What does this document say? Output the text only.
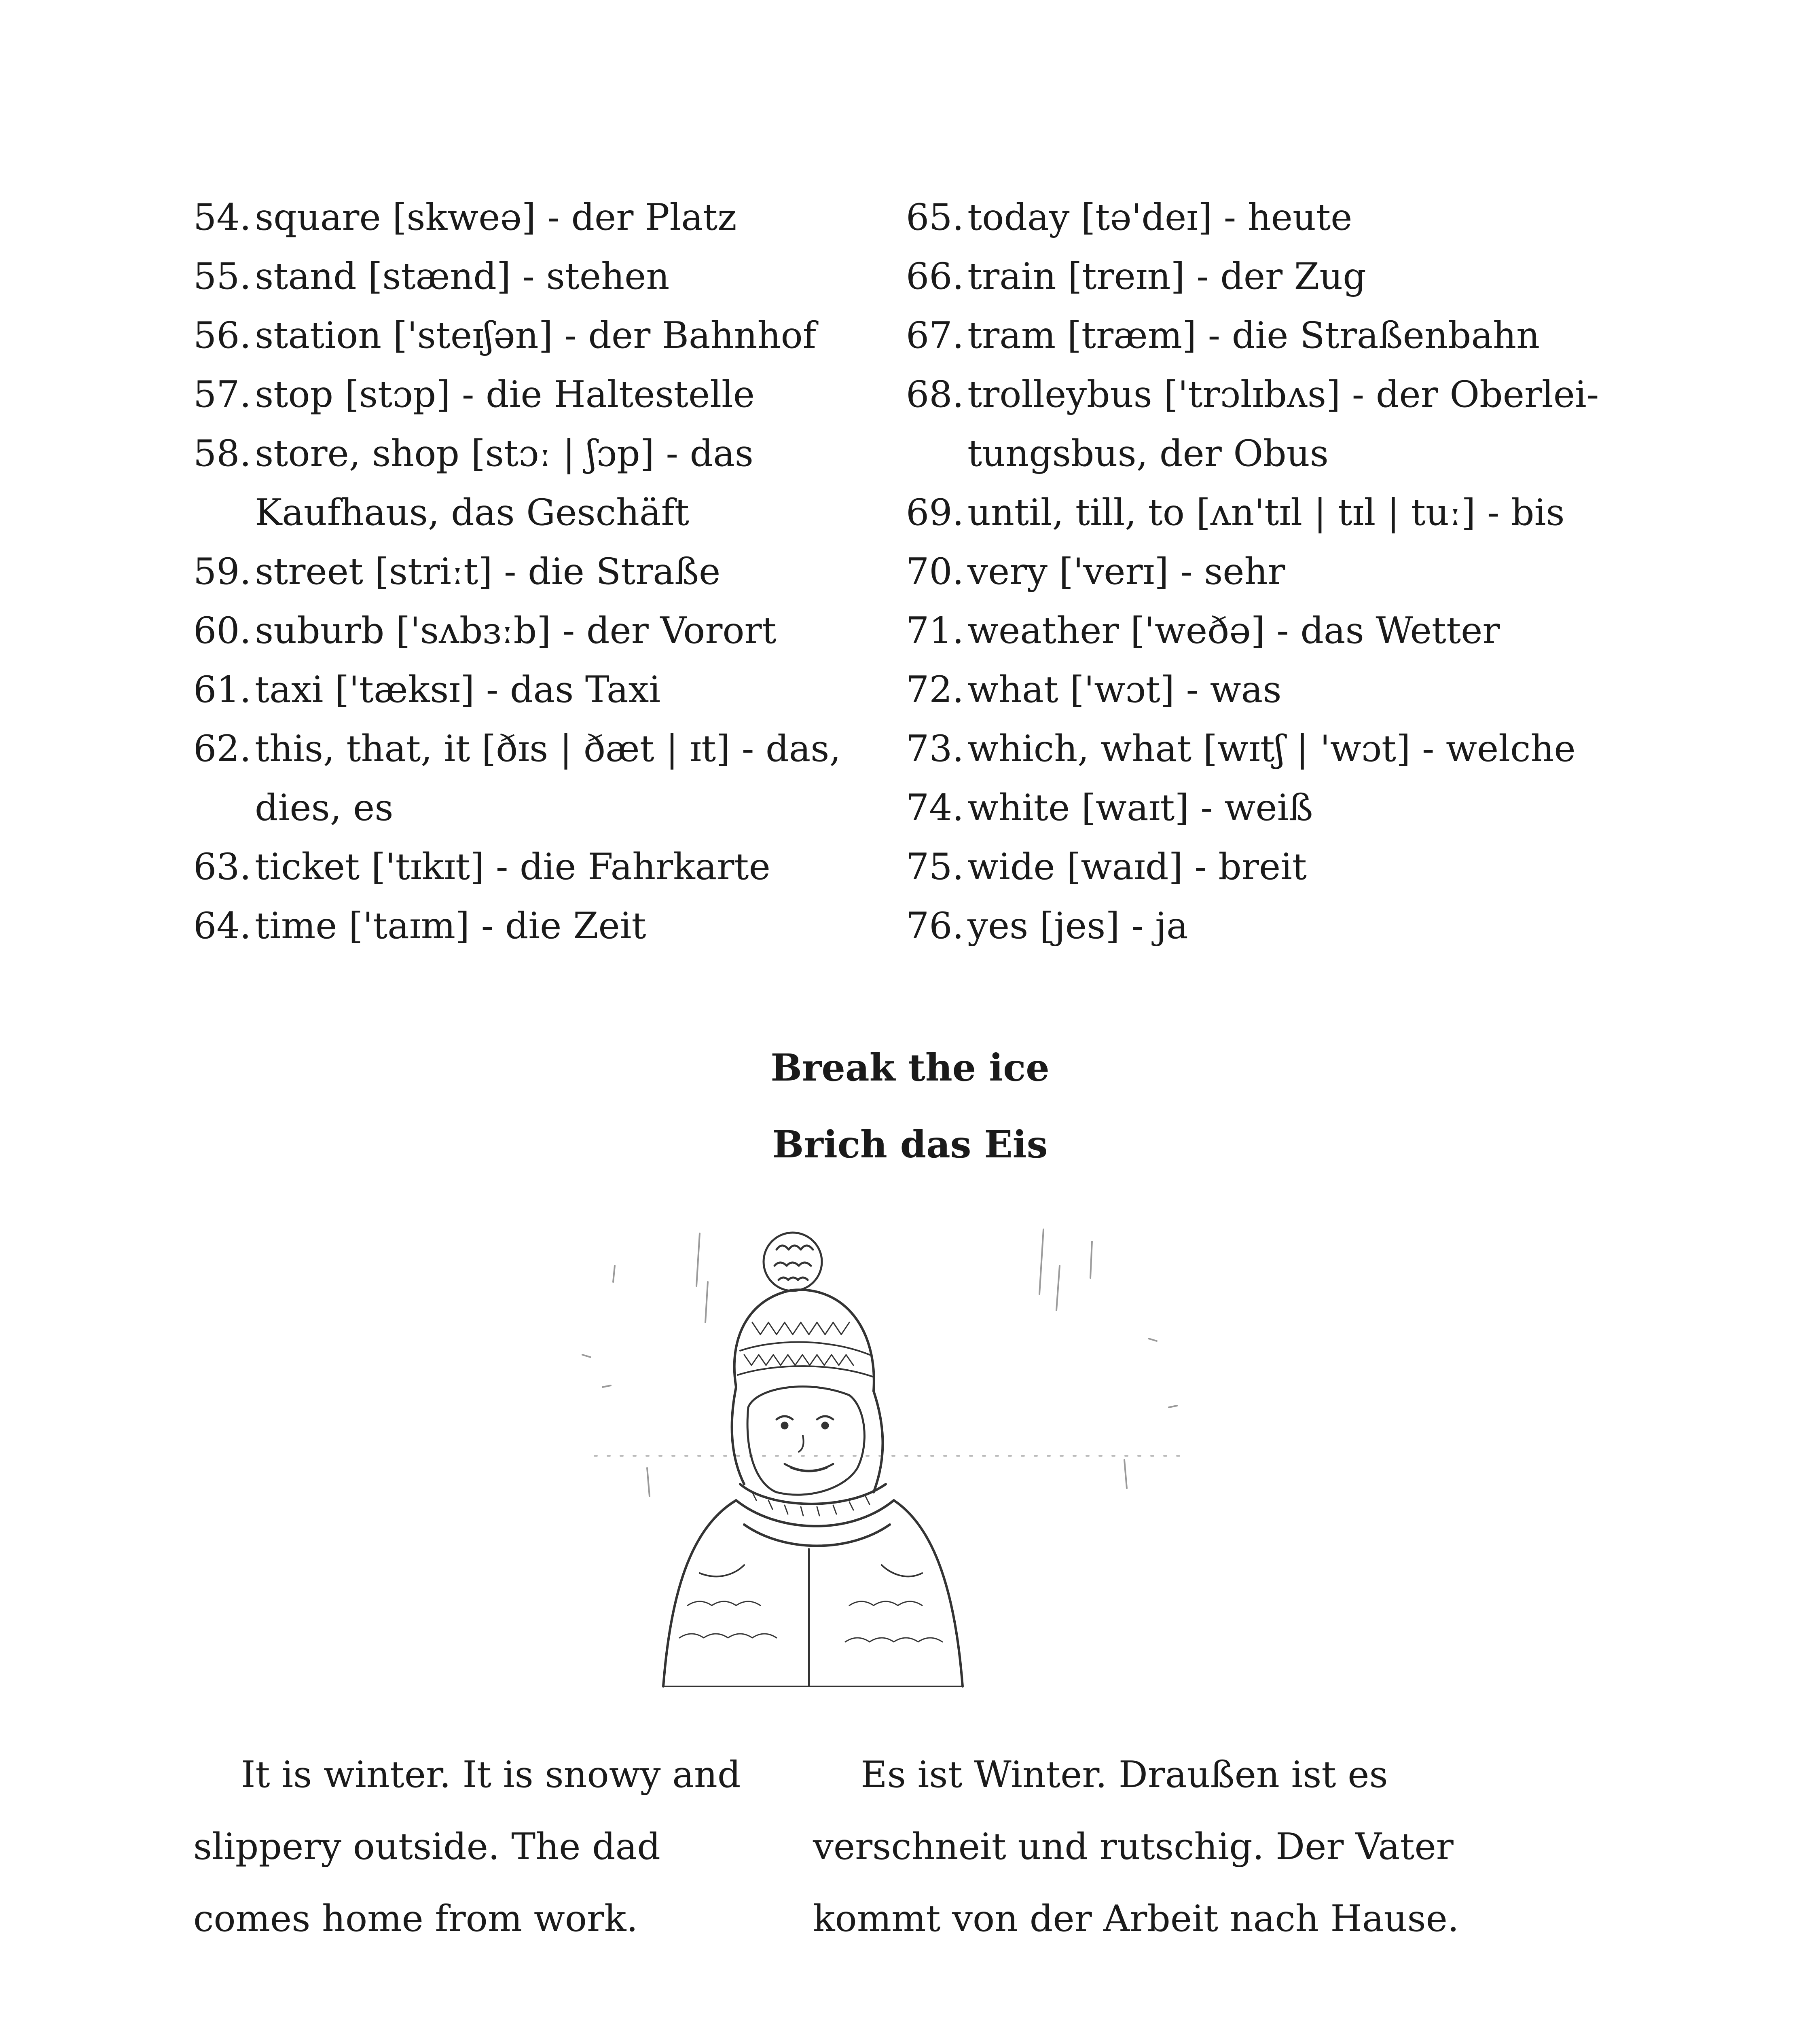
54. square [skweə] - der Platz
55. stand [stænd] - stehen
56. station ['steɪʃən] - der Bahnhof
57. stop [stɔp] - die Haltestelle
58. store, shop [stɔː | ʃɔp] - das Kaufhaus, das Geschäft
59. street [striːt] - die Straße
60. suburb ['sʌbɜːb] - der Vorort
61. taxi ['tæksɪ] - das Taxi
62. this, that, it [ðɪs | ðæt | ɪt] - das, dies, es
63. ticket ['tɪkɪt] - die Fahrkarte
64. time ['taɪm] - die Zeit
65. today [tə'deɪ] - heute
66. train [treɪn] - der Zug
67. tram [træm] - die Straßenbahn
68. trolleybus ['trɔlɪbʌs] - der Oberleitungsbus, der Obus
69. until, till, to [ʌn'tɪl | tɪl | tuː] - bis
70. very ['verɪ] - sehr
71. weather ['weðə] - das Wetter
72. what ['wɔt] - was
73. which, what [wɪtʃ | 'wɔt] - welche
74. white [waɪt] - weiß
75. wide [waɪd] - breit
76. yes [jes] - ja
Break the ice
Brich das Eis

It is winter. It is snowy and slippery outside. The dad comes home from work.

Es ist Winter. Draußen ist es verschneit und rutschig. Der Vater kommt von der Arbeit nach Hause.
